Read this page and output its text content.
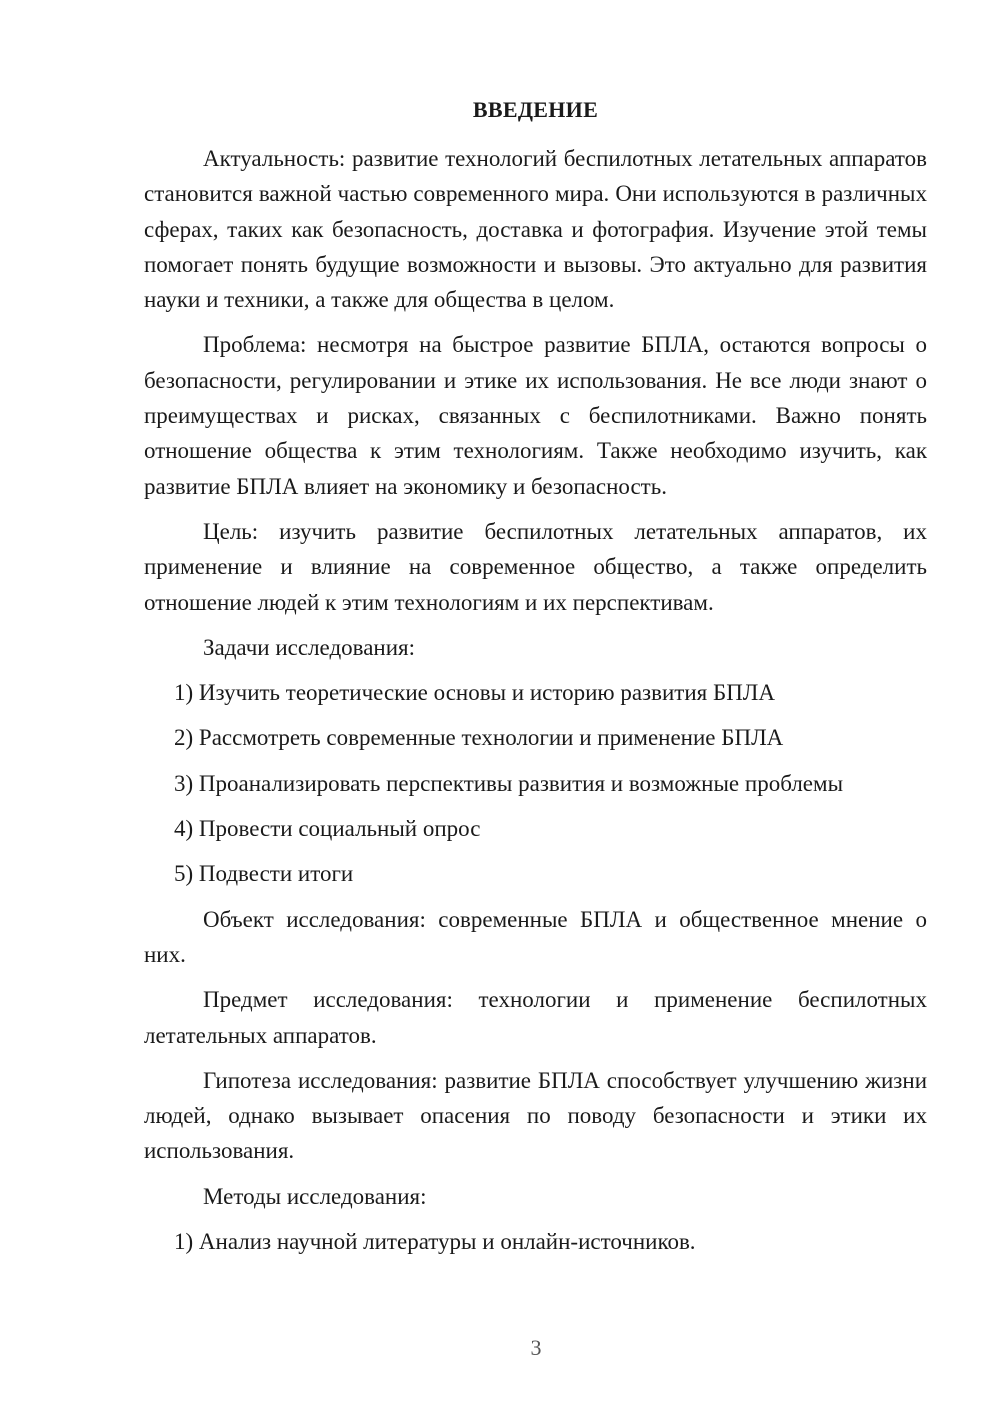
ВВЕДЕНИЕ

Актуальность: развитие технологий беспилотных летательных аппаратов становится важной частью современного мира. Они используются в различных сферах, таких как безопасность, доставка и фотография. Изучение этой темы помогает понять будущие возможности и вызовы. Это актуально для развития науки и техники, а также для общества в целом.

Проблема: несмотря на быстрое развитие БПЛА, остаются вопросы о безопасности, регулировании и этике их использования. Не все люди знают о преимуществах и рисках, связанных с беспилотниками. Важно понять отношение общества к этим технологиям. Также необходимо изучить, как развитие БПЛА влияет на экономику и безопасность.

Цель: изучить развитие беспилотных летательных аппаратов, их применение и влияние на современное общество, а также определить отношение людей к этим технологиям и их перспективам.

Задачи исследования:

1) Изучить теоретические основы и историю развития БПЛА

2) Рассмотреть современные технологии и применение БПЛА

3) Проанализировать перспективы развития и возможные проблемы

4) Провести социальный опрос

5) Подвести итоги

Объект исследования: современные БПЛА и общественное мнение о них.

Предмет исследования: технологии и применение беспилотных летательных аппаратов.

Гипотеза исследования: развитие БПЛА способствует улучшению жизни людей, однако вызывает опасения по поводу безопасности и этики их использования.

Методы исследования:

1) Анализ научной литературы и онлайн-источников.

3
